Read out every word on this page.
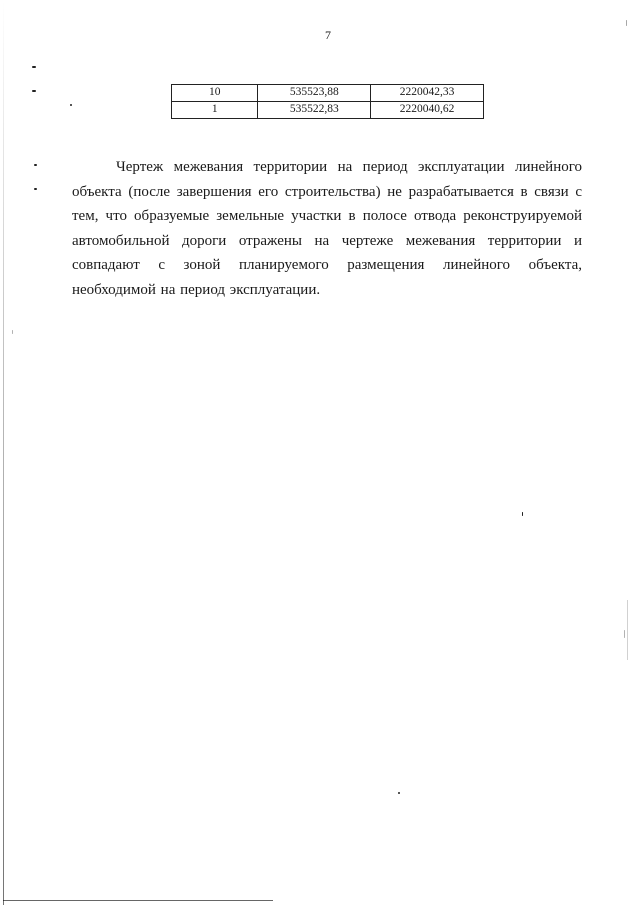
7
10	535523,88	2220042,33
1	535522,83	2220040,62

Чертеж межевания территории на период эксплуатации линейного объекта (после завершения его строительства) не разрабатывается в связи с тем, что образуемые земельные участки в полосе отвода реконструируемой автомобильной дороги отражены на чертеже межевания территории и совпадают с зоной планируемого размещения линейного объекта, необходимой на период эксплуатации.
